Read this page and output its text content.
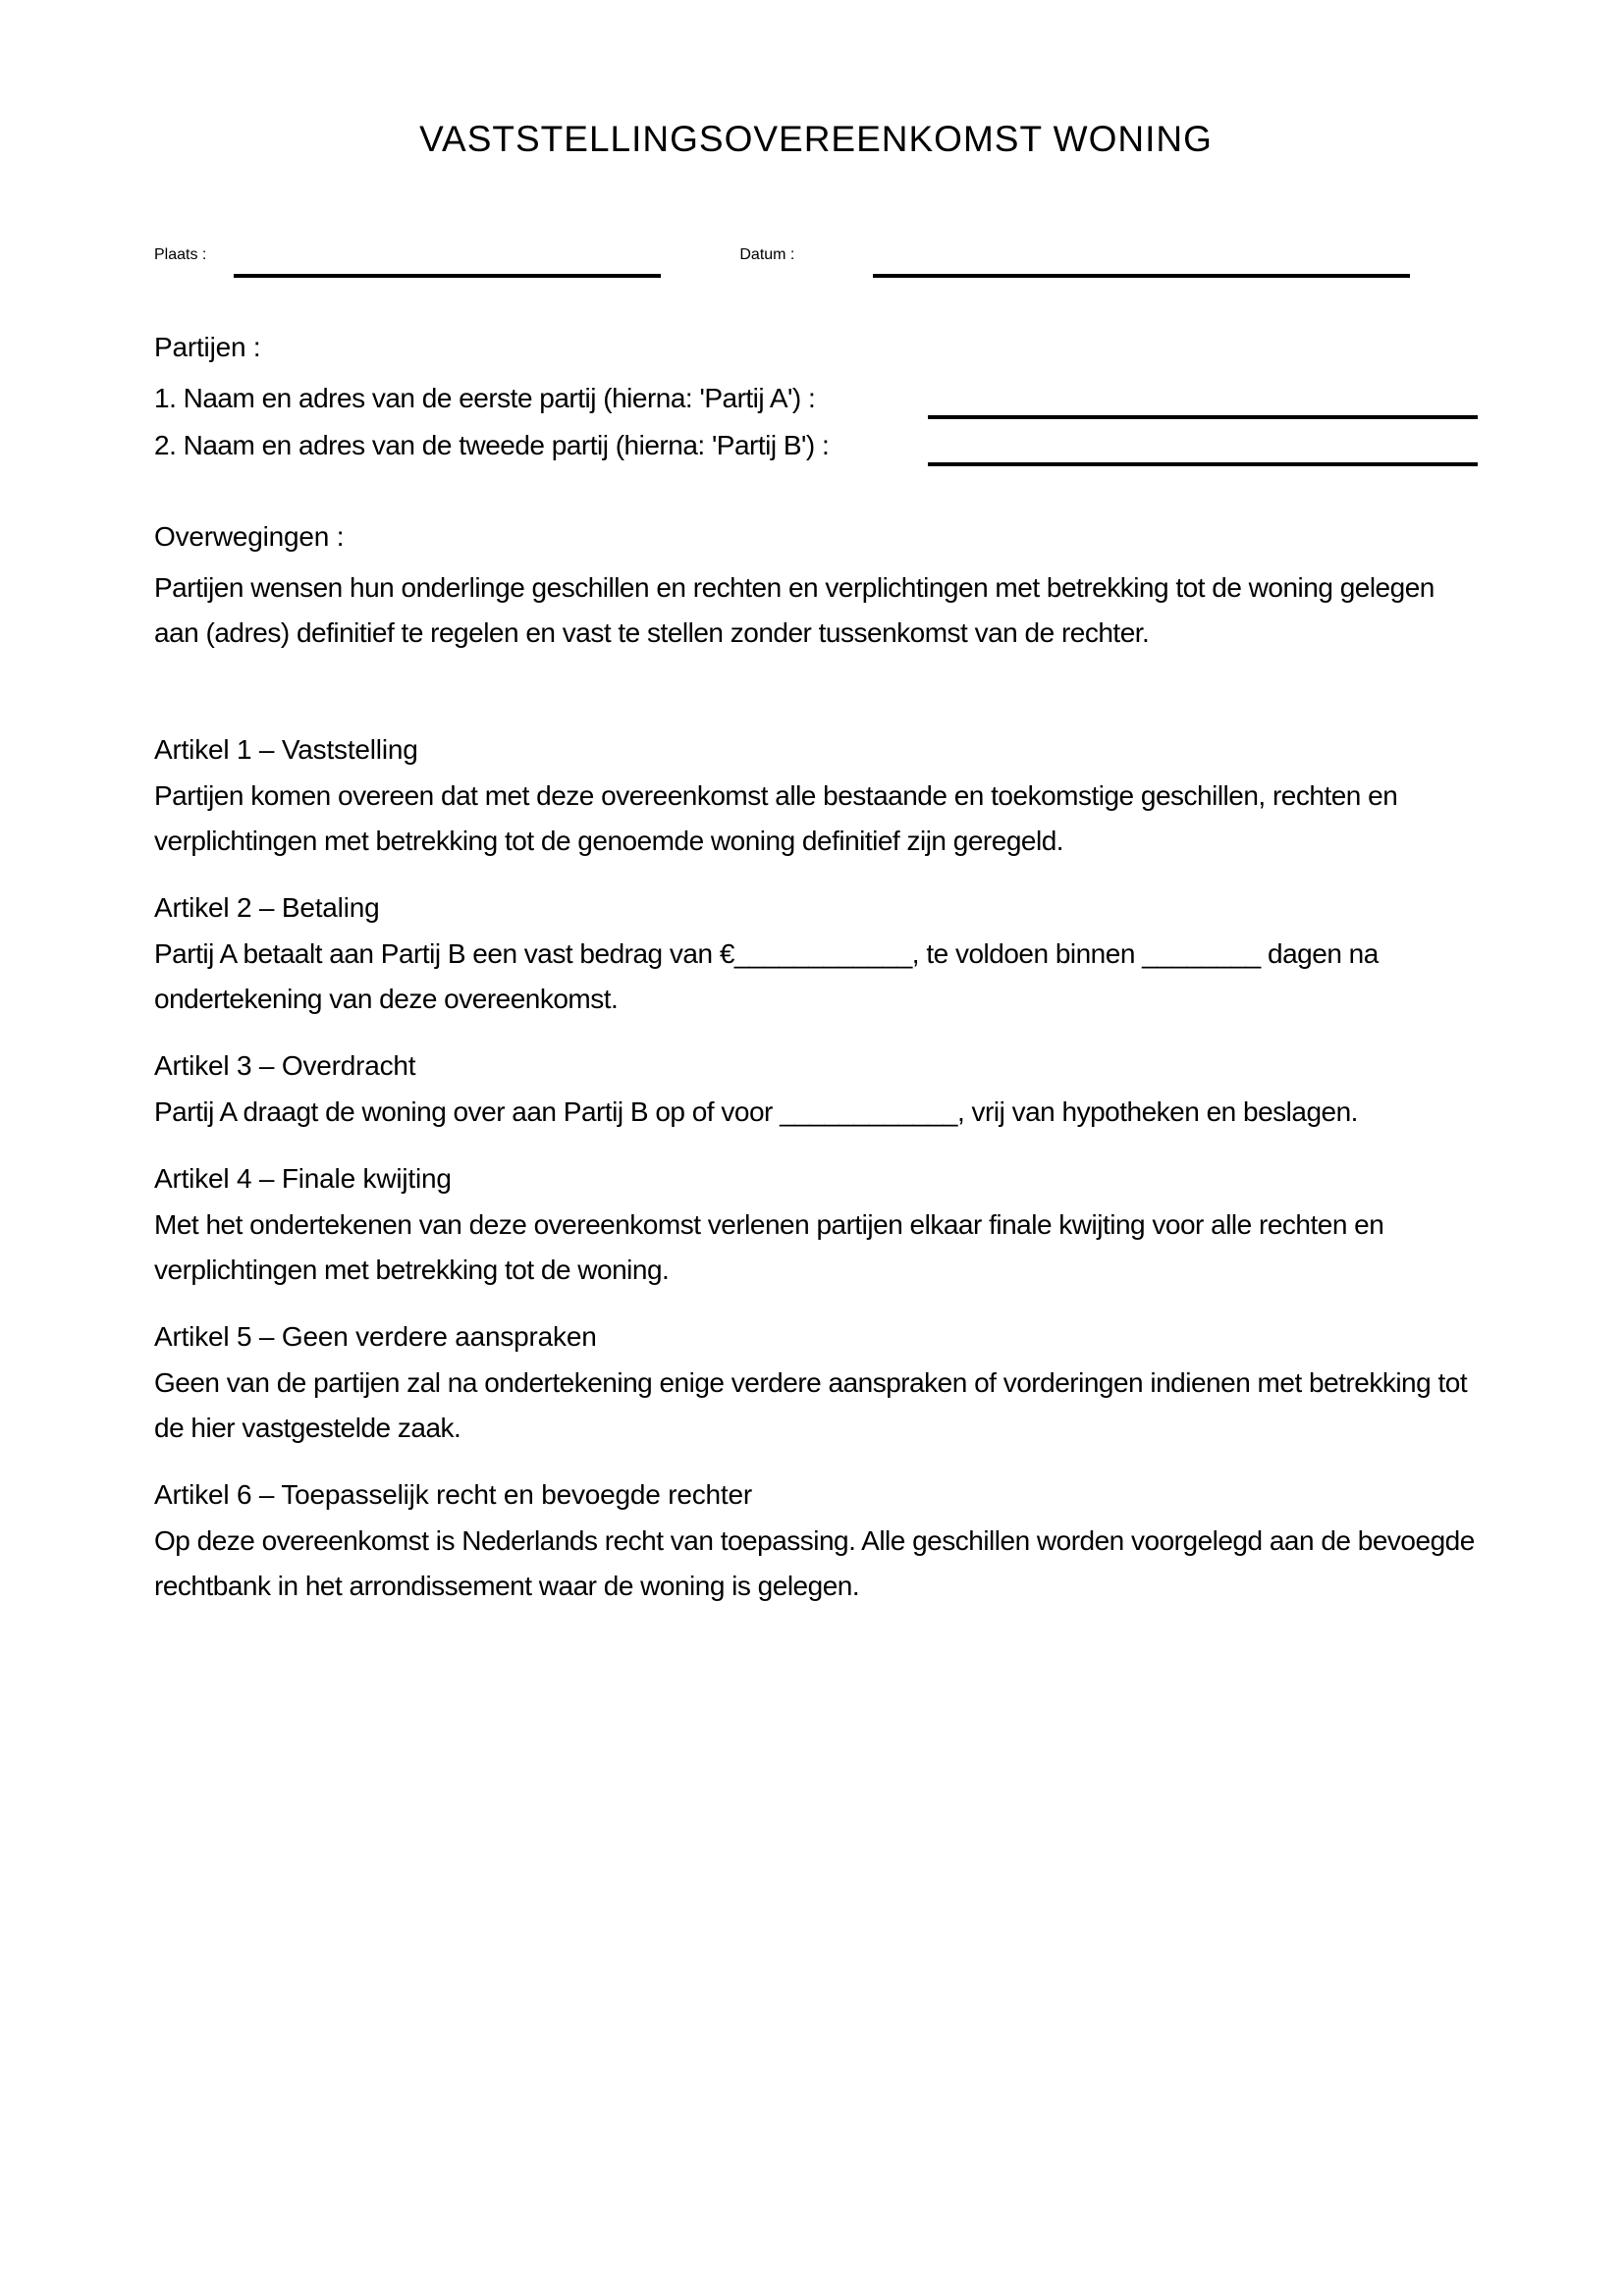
VASTSTELLINGSOVEREENKOMST WONING
Plaats :	Datum :
Partijen :
1. Naam en adres van de eerste partij (hierna: 'Partij A') :
2. Naam en adres van de tweede partij (hierna: 'Partij B') :
Overwegingen :

Partijen wensen hun onderlinge geschillen en rechten en verplichtingen met betrekking tot de woning gelegen aan (adres) definitief te regelen en vast te stellen zonder tussenkomst van de rechter.

Artikel 1 – Vaststelling

Partijen komen overeen dat met deze overeenkomst alle bestaande en toekomstige geschillen, rechten en verplichtingen met betrekking tot de genoemde woning definitief zijn geregeld.

Artikel 2 – Betaling

Partij A betaalt aan Partij B een vast bedrag van €____________, te voldoen binnen ________ dagen na ondertekening van deze overeenkomst.

Artikel 3 – Overdracht

Partij A draagt de woning over aan Partij B op of voor ____________, vrij van hypotheken en beslagen.

Artikel 4 – Finale kwijting

Met het ondertekenen van deze overeenkomst verlenen partijen elkaar finale kwijting voor alle rechten en verplichtingen met betrekking tot de woning.

Artikel 5 – Geen verdere aanspraken

Geen van de partijen zal na ondertekening enige verdere aanspraken of vorderingen indienen met betrekking tot de hier vastgestelde zaak.

Artikel 6 – Toepasselijk recht en bevoegde rechter

Op deze overeenkomst is Nederlands recht van toepassing. Alle geschillen worden voorgelegd aan de bevoegde rechtbank in het arrondissement waar de woning is gelegen.
